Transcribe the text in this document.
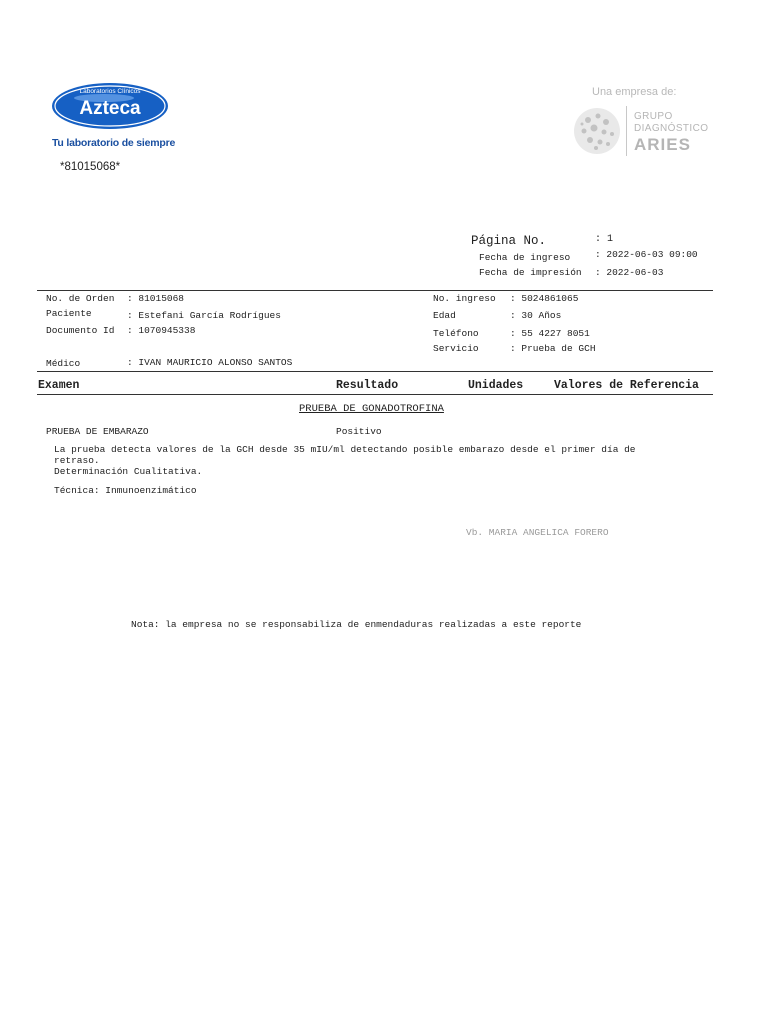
Laboratorios Clínicos
Azteca
Tu laboratorio de siempre
*81015068*
Una empresa de:
GRUPO
DIAGNÓSTICO
ARIES
Página No.	: 1
Fecha de ingreso	: 2022-06-03 09:00
Fecha de impresión : 2022-06-03
No. de Orden : 81015068
Paciente	: Estefani García Rodrígues
Documento Id : 1070945338
Médico	: IVAN MAURICIO ALONSO SANTOS
No. ingreso : 5024861065
Edad	: 30 Años
Teléfono	: 55 4227 8051
Servicio	: Prueba de GCH
Examen	Resultado	Unidades	Valores de Referencia
PRUEBA DE GONADOTROFINA
PRUEBA DE EMBARAZO	Positivo
La prueba detecta valores de la GCH desde 35 mIU/ml detectando posible embarazo desde el primer día de
retraso.
Determinación Cualitativa.
Técnica: Inmunoenzimático
Vb. MARIA ANGELICA FORERO
Nota: la empresa no se responsabiliza de enmendaduras realizadas a este reporte
